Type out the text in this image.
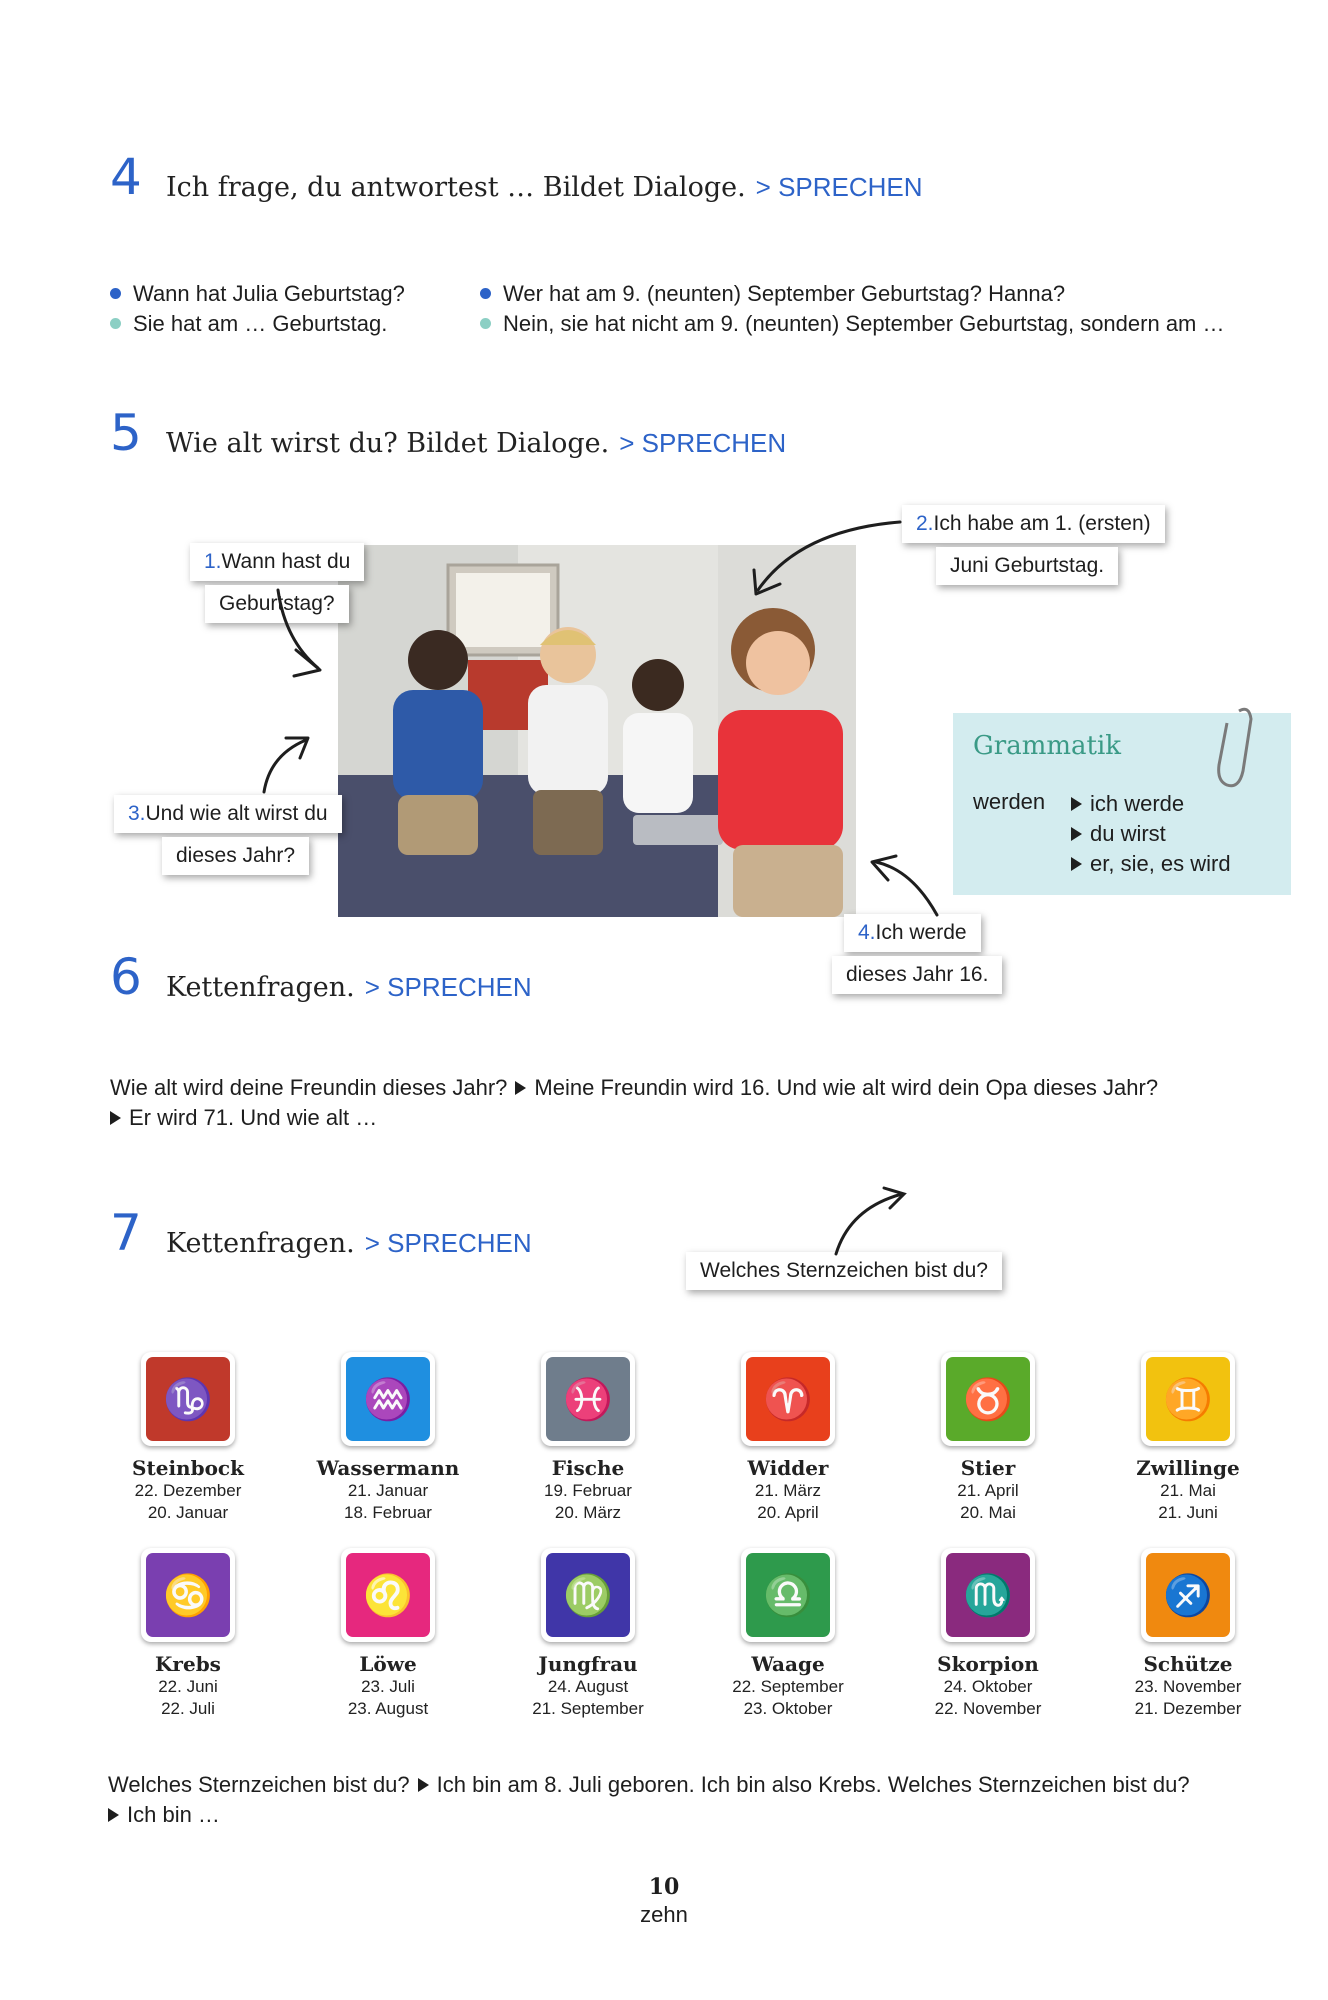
4 Ich frage, du antwortest … Bildet Dialoge. > SPRECHEN
Wann hat Julia Geburtstag?
Sie hat am … Geburtstag.
Wer hat am 9. (neunten) September Geburtstag? Hanna?
Nein, sie hat nicht am 9. (neunten) September Geburtstag, sondern am …
5 Wie alt wirst du? Bildet Dialoge. > SPRECHEN
1.Wann hast du
Geburtstag?
2.Ich habe am 1. (ersten)
Juni Geburtstag.
3.Und wie alt wirst du
dieses Jahr?
4.Ich werde
dieses Jahr 16.
Grammatik
werden	ich werde
du wirst
er, sie, es wird
6 Kettenfragen. > SPRECHEN
Wie alt wird deine Freundin dieses Jahr? Meine Freundin wird 16. Und wie alt wird dein Opa dieses Jahr?
Er wird 71. Und wie alt …
7 Kettenfragen. > SPRECHEN
Welches Sternzeichen bist du?
♑
Steinbock
22. Dezember
20. Januar
♒
Wassermann
21. Januar
18. Februar
♓
Fische
19. Februar
20. März
♈
Widder
21. März
20. April
♉
Stier
21. April
20. Mai
♊
Zwillinge
21. Mai
21. Juni
♋
Krebs
22. Juni
22. Juli
♌
Löwe
23. Juli
23. August
♍
Jungfrau
24. August
21. September
♎
Waage
22. September
23. Oktober
♏
Skorpion
24. Oktober
22. November
♐
Schütze
23. November
21. Dezember
Welches Sternzeichen bist du? Ich bin am 8. Juli geboren. Ich bin also Krebs. Welches Sternzeichen bist du?
Ich bin …
10
zehn
